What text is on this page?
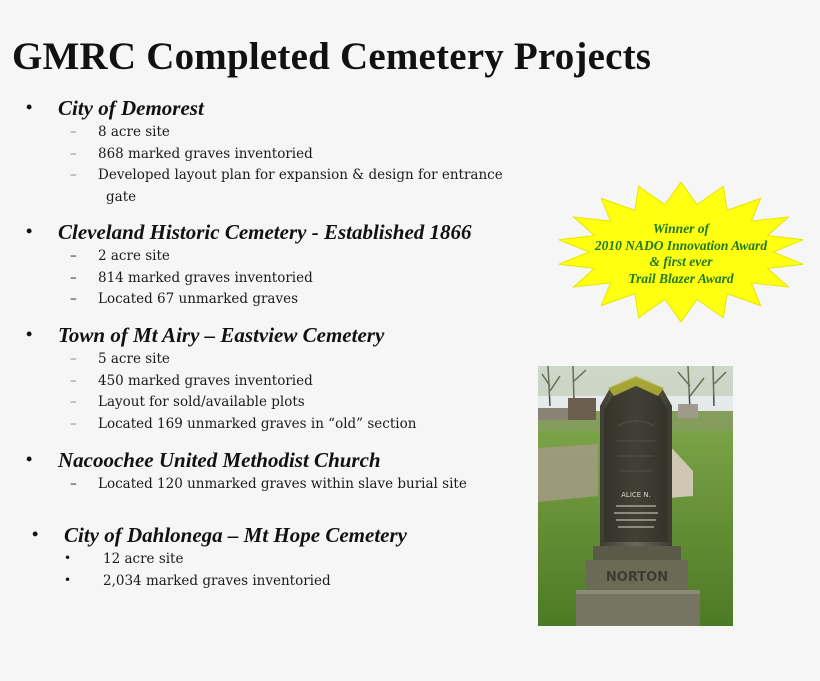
GMRC Completed Cemetery Projects
• City of Demorest
– 8 acre site
– 868 marked graves inventoried
– Developed layout plan for expansion & design for entrance
gate
• Cleveland Historic Cemetery - Established 1866
– 2 acre site
– 814 marked graves inventoried
– Located 67 unmarked graves
• Town of Mt Airy – Eastview Cemetery
– 5 acre site
– 450 marked graves inventoried
– Layout for sold/available plots
– Located 169 unmarked graves in “old” section
• Nacoochee United Methodist Church
– Located 120 unmarked graves within slave burial site
• City of Dahlonega – Mt Hope Cemetery
• 12 acre site
• 2,034 marked graves inventoried
Winner of
2010 NADO Innovation Award
& first ever
Trail Blazer Award
ALICE N.
NORTON
